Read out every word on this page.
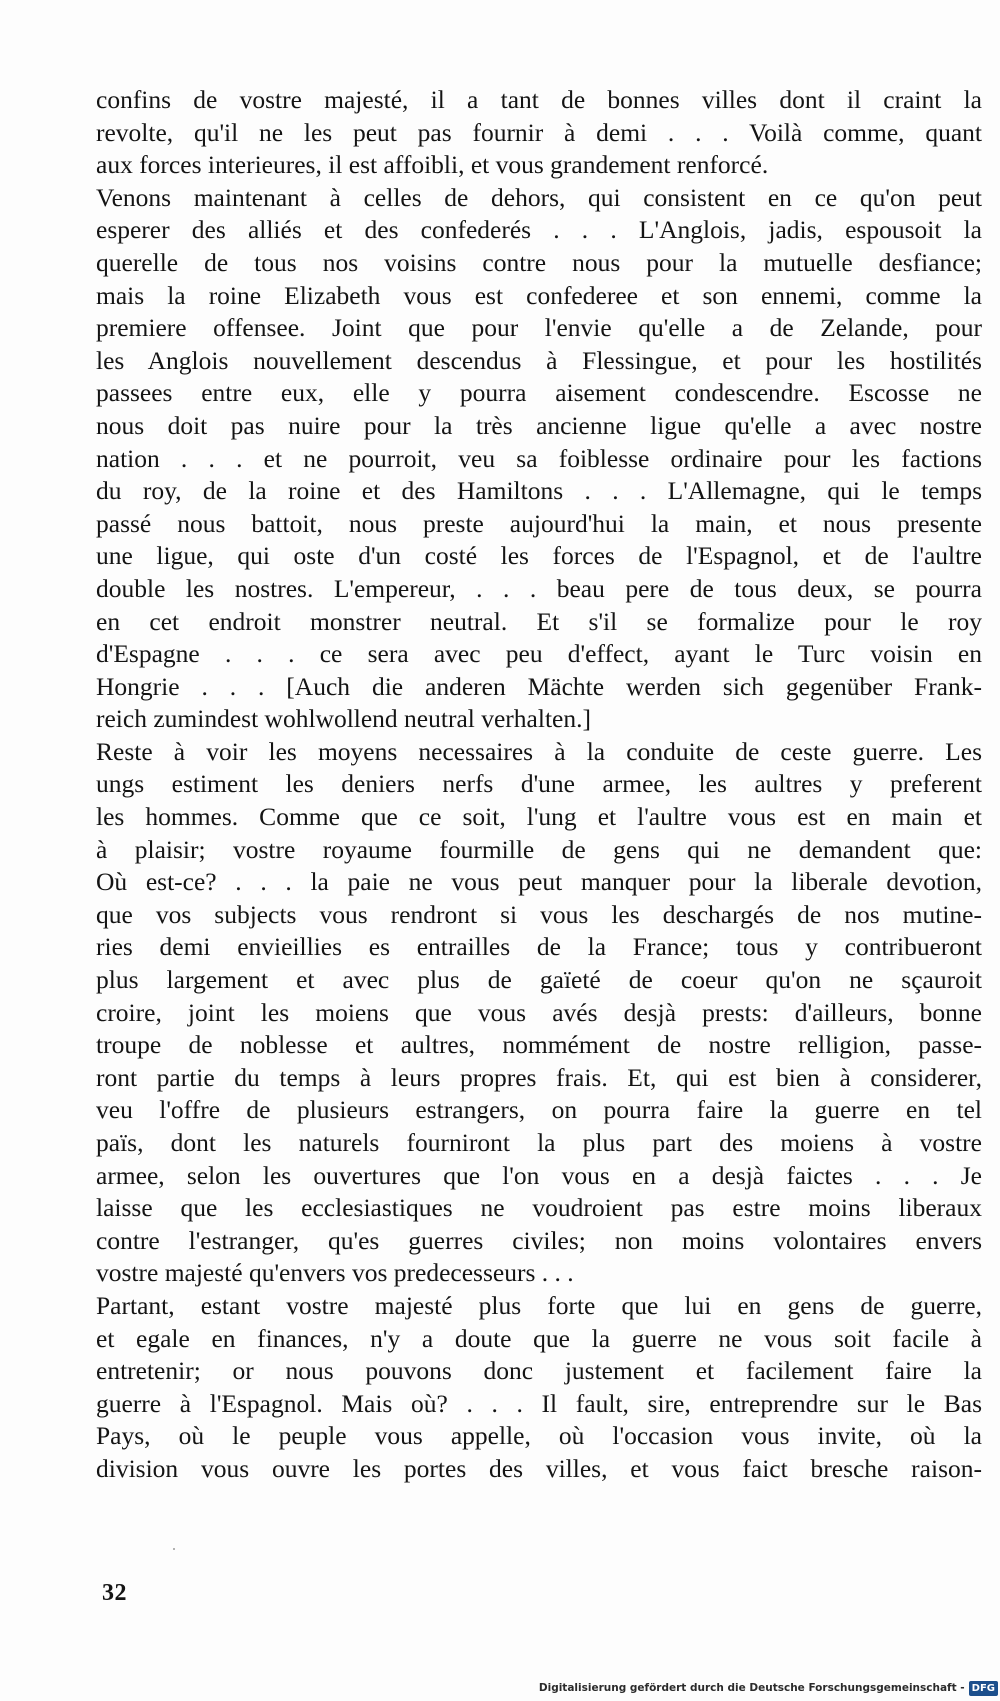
confins de vostre majesté, il a tant de bonnes villes dont il craint la
revolte, qu'il ne les peut pas fournir à demi . . . Voilà comme, quant
aux forces interieures, il est affoibli, et vous grandement renforcé.
Venons maintenant à celles de dehors, qui consistent en ce qu'on peut
esperer des alliés et des confederés . . . L'Anglois, jadis, espousoit la
querelle de tous nos voisins contre nous pour la mutuelle desfiance;
mais la roine Elizabeth vous est confederee et son ennemi, comme la
premiere offensee. Joint que pour l'envie qu'elle a de Zelande, pour
les Anglois nouvellement descendus à Flessingue, et pour les hostilités
passees entre eux, elle y pourra aisement condescendre. Escosse ne
nous doit pas nuire pour la très ancienne ligue qu'elle a avec nostre
nation . . . et ne pourroit, veu sa foiblesse ordinaire pour les factions
du roy, de la roine et des Hamiltons . . . L'Allemagne, qui le temps
passé nous battoit, nous preste aujourd'hui la main, et nous presente
une ligue, qui oste d'un costé les forces de l'Espagnol, et de l'aultre
double les nostres. L'empereur, . . . beau pere de tous deux, se pourra
en cet endroit monstrer neutral. Et s'il se formalize pour le roy
d'Espagne . . . ce sera avec peu d'effect, ayant le Turc voisin en
Hongrie . . . [Auch die anderen Mächte werden sich gegenüber Frank-
reich zumindest wohlwollend neutral verhalten.]
Reste à voir les moyens necessaires à la conduite de ceste guerre. Les
ungs estiment les deniers nerfs d'une armee, les aultres y preferent
les hommes. Comme que ce soit, l'ung et l'aultre vous est en main et
à plaisir; vostre royaume fourmille de gens qui ne demandent que:
Où est-ce? . . . la paie ne vous peut manquer pour la liberale devotion,
que vos subjects vous rendront si vous les deschargés de nos mutine-
ries demi envieillies es entrailles de la France; tous y contribueront
plus largement et avec plus de gaïeté de coeur qu'on ne sçauroit
croire, joint les moiens que vous avés desjà prests: d'ailleurs, bonne
troupe de noblesse et aultres, nommément de nostre relligion, passe-
ront partie du temps à leurs propres frais. Et, qui est bien à considerer,
veu l'offre de plusieurs estrangers, on pourra faire la guerre en tel
païs, dont les naturels fourniront la plus part des moiens à vostre
armee, selon les ouvertures que l'on vous en a desjà faictes . . . Je
laisse que les ecclesiastiques ne voudroient pas estre moins liberaux
contre l'estranger, qu'es guerres civiles; non moins volontaires envers
vostre majesté qu'envers vos predecesseurs . . .
Partant, estant vostre majesté plus forte que lui en gens de guerre,
et egale en finances, n'y a doute que la guerre ne vous soit facile à
entretenir; or nous pouvons donc justement et facilement faire la
guerre à l'Espagnol. Mais où? . . . Il fault, sire, entreprendre sur le Bas
Pays, où le peuple vous appelle, où l'occasion vous invite, où la
division vous ouvre les portes des villes, et vous faict bresche raison-
32
Digitalisierung gefördert durch die Deutsche Forschungsgemeinschaft - DFG
